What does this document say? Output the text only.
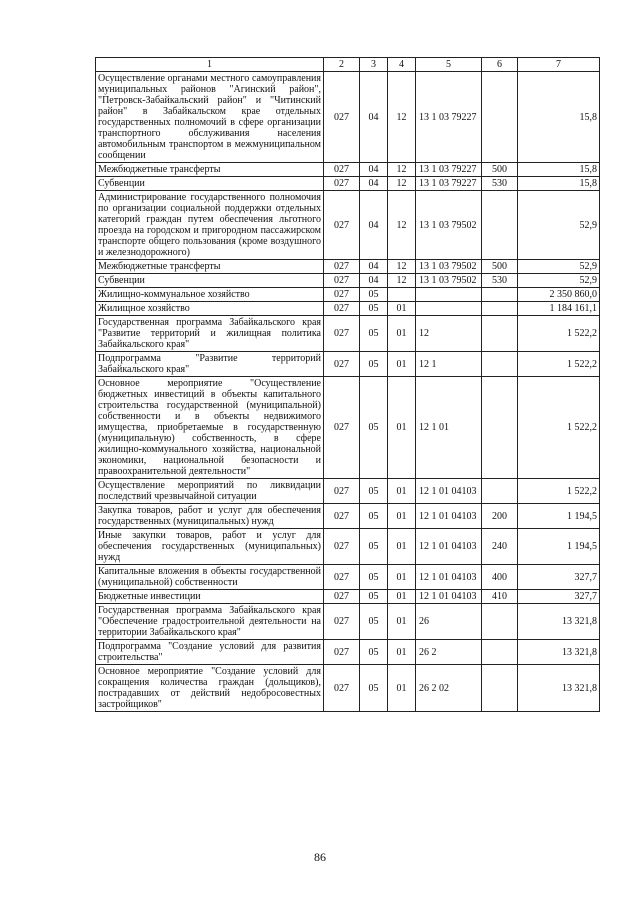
1	2	3	4	5	6	7
Осуществление органами местного самоуправления муниципальных районов "Агинский район", "Петровск-Забайкальский район" и "Читинский район" в Забайкальском крае отдельных государственных полномочий в сфере организации транспортного обслуживания населения автомобильным транспортом в межмуниципальном сообщении	027	04	12	13 1 03 79227		15,8
Межбюджетные трансферты	027	04	12	13 1 03 79227	500	15,8
Субвенции	027	04	12	13 1 03 79227	530	15,8
Администрирование государственного полномочия по организации социальной поддержки отдельных категорий граждан путем обеспечения льготного проезда на городском и пригородном пассажирском транспорте общего пользования (кроме воздушного и железнодорожного)	027	04	12	13 1 03 79502		52,9
Межбюджетные трансферты	027	04	12	13 1 03 79502	500	52,9
Субвенции	027	04	12	13 1 03 79502	530	52,9
Жилищно-коммунальное хозяйство	027	05				2 350 860,0
Жилищное хозяйство	027	05	01			1 184 161,1
Государственная программа Забайкальского края "Развитие территорий и жилищная политика Забайкальского края"	027	05	01	12		1 522,2
Подпрограмма "Развитие территорий Забайкальского края"	027	05	01	12 1		1 522,2
Основное мероприятие "Осуществление бюджетных инвестиций в объекты капитального строительства государственной (муниципальной) собственности и в объекты недвижимого имущества, приобретаемые в государственную (муниципальную) собственность, в сфере жилищно-коммунального хозяйства, национальной экономики, национальной безопасности и правоохранительной деятельности"	027	05	01	12 1 01		1 522,2
Осуществление мероприятий по ликвидации последствий чрезвычайной ситуации	027	05	01	12 1 01 04103		1 522,2
Закупка товаров, работ и услуг для обеспечения государственных (муниципальных) нужд	027	05	01	12 1 01 04103	200	1 194,5
Иные закупки товаров, работ и услуг для обеспечения государственных (муниципальных) нужд	027	05	01	12 1 01 04103	240	1 194,5
Капитальные вложения в объекты государственной (муниципальной) собственности	027	05	01	12 1 01 04103	400	327,7
Бюджетные инвестиции	027	05	01	12 1 01 04103	410	327,7
Государственная программа Забайкальского края "Обеспечение градостроительной деятельности на территории Забайкальского края"	027	05	01	26		13 321,8
Подпрограмма "Создание условий для развития строительства"	027	05	01	26 2		13 321,8
Основное мероприятие "Создание условий для сокращения количества граждан (дольщиков), пострадавших от действий недобросовестных застройщиков"	027	05	01	26 2 02		13 321,8
86
